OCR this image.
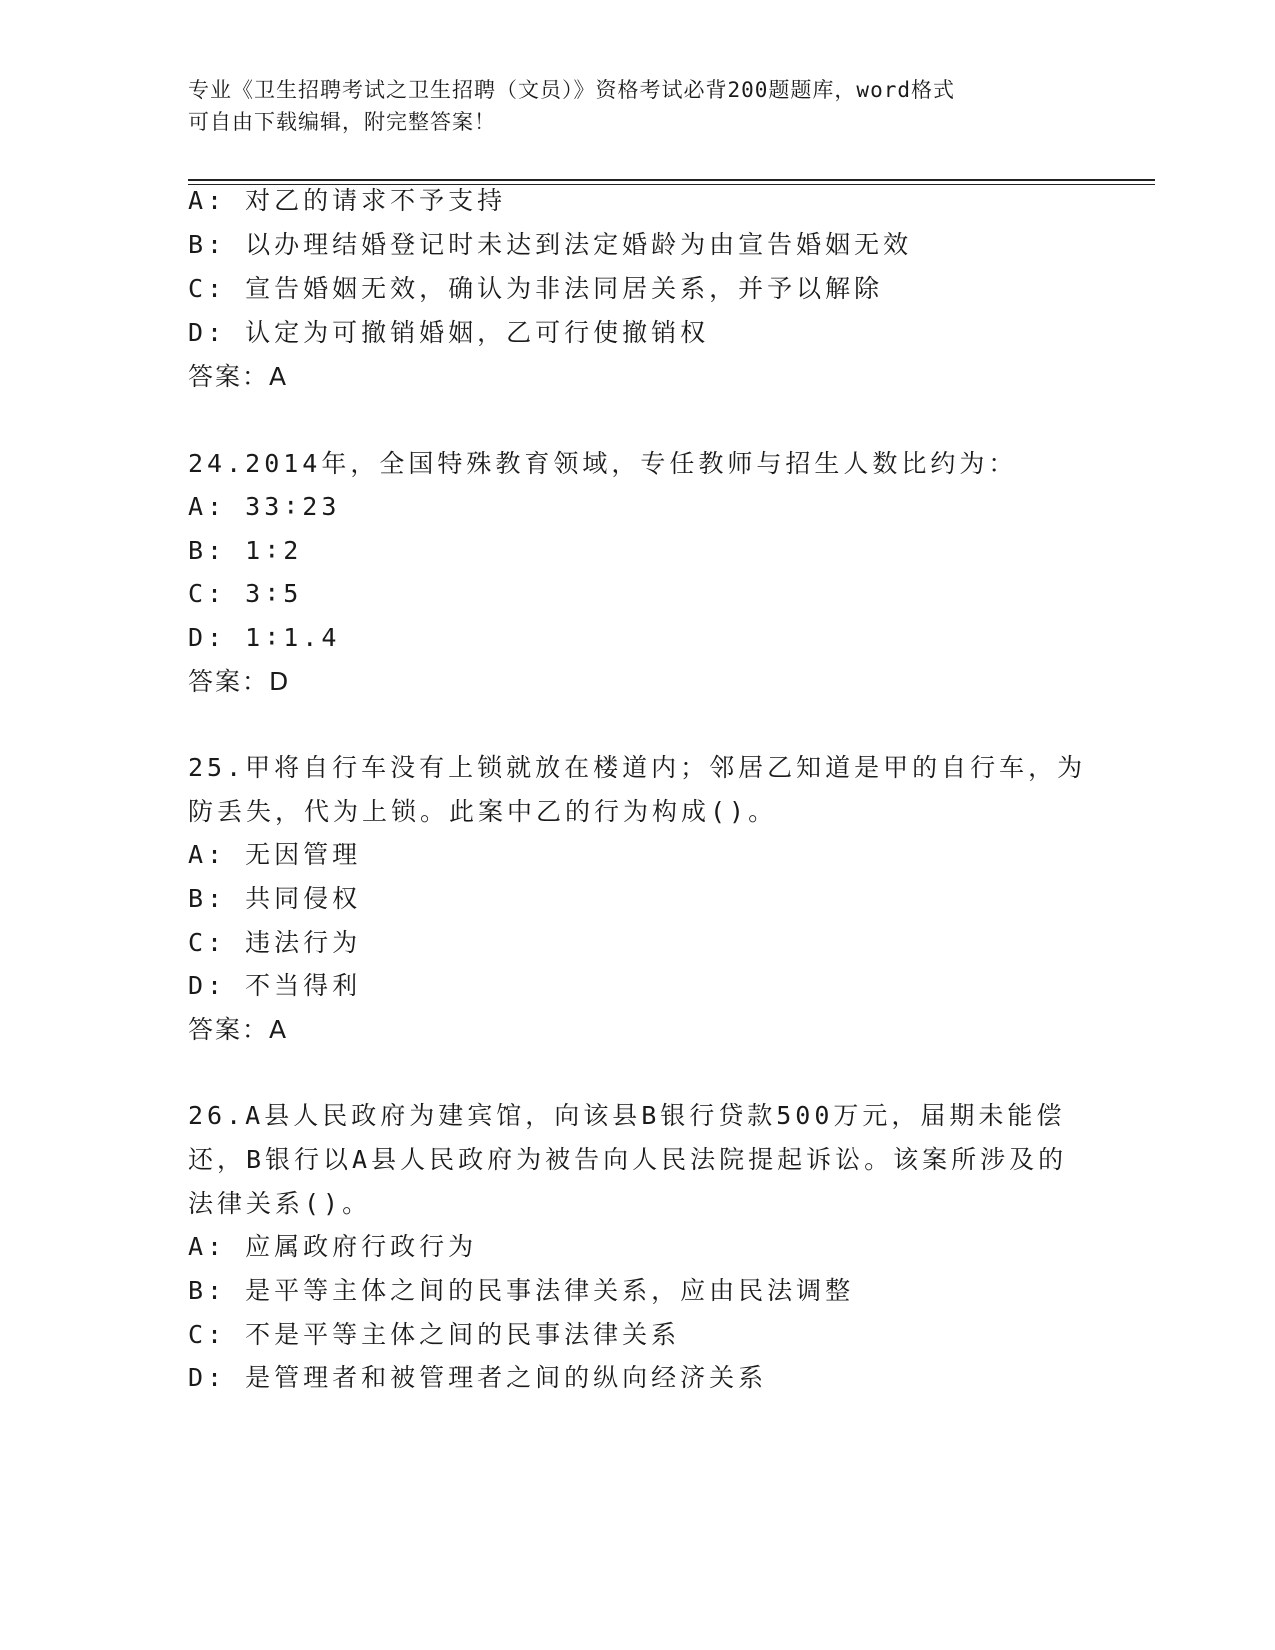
专业《卫生招聘考试之卫生招聘（文员）》资格考试必背200题题库，word格式
可自由下载编辑，附完整答案！
A: 对乙的请求不予支持
B: 以办理结婚登记时未达到法定婚龄为由宣告婚姻无效
C: 宣告婚姻无效，确认为非法同居关系，并予以解除
D: 认定为可撤销婚姻，乙可行使撤销权
答案：A
24.2014年，全国特殊教育领域，专任教师与招生人数比约为：
A: 33∶23
B: 1∶2
C: 3∶5
D: 1∶1.4
答案：D
25.甲将自行车没有上锁就放在楼道内；邻居乙知道是甲的自行车，为
防丢失，代为上锁。此案中乙的行为构成()。
A: 无因管理
B: 共同侵权
C: 违法行为
D: 不当得利
答案：A
26.A县人民政府为建宾馆，向该县B银行贷款500万元，届期未能偿
还，B银行以A县人民政府为被告向人民法院提起诉讼。该案所涉及的
法律关系()。
A: 应属政府行政行为
B: 是平等主体之间的民事法律关系，应由民法调整
C: 不是平等主体之间的民事法律关系
D: 是管理者和被管理者之间的纵向经济关系
